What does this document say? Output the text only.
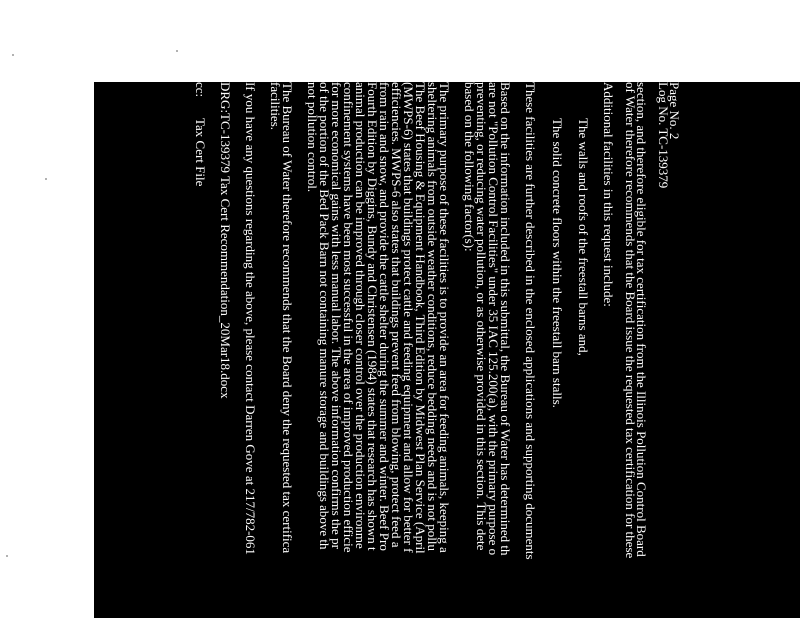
Page No. 2
Log No. TC-139379
section, and therefore eligible for tax certification from the Illinois Pollution Control Board
of Water therefore recommends that the Board issue the requested tax certification for these
Additional facilities in this request include:
The walls and roofs of the freestall barns and,
The solid concrete floors within the freestall barn stalls.
These facilities are further described in the enclosed applications and supporting documents
Based on the information included in this submittal, the Bureau of Water has determined th
are not "Pollution Control Facilities" under 35 IAC 125.200(a), with the primary purpose o
preventing, or reducing water pollution, or as otherwise provided in this section. This dete
based on the following factor(s):
The primary purpose of these facilities is to provide an area for feeding animals, keeping a
sheltering animals from outside weather conditions, reduce bedding needs and is not pollu
The Beef Housing & Equipment Handbook, Third Edition by Midwest Plan Service (April
(MWPS-6) states that buildings protect cattle and feeding equipment and allow for better f
efficiencies. MWPS-6 also states that buildings prevent feed from blowing, protect feed a
from rain and snow, and provide the cattle shelter during the summer and winter. Beef Pro
Fourth Edition by Diggins, Bundy and Christensen (1984) states that research has shown t
animal production can be improved through closer control over the production environme
confinement systems have been most successful in the area of improved production efficie
for more economical gains with less manual labor. The above information confirms the pr
of the portion of the Bed Pack Barn not containing manure storage and buildings above th
not pollution control.
The Bureau of Water therefore recommends that the Board deny the requested tax certifica
facilities.
If you have any questions regarding the above, please contact Darren Gove at 217/782-061
DRG:TC-139379 Tax Cert Recommendation_20Mar18.docx
cc:
Tax Cert File
